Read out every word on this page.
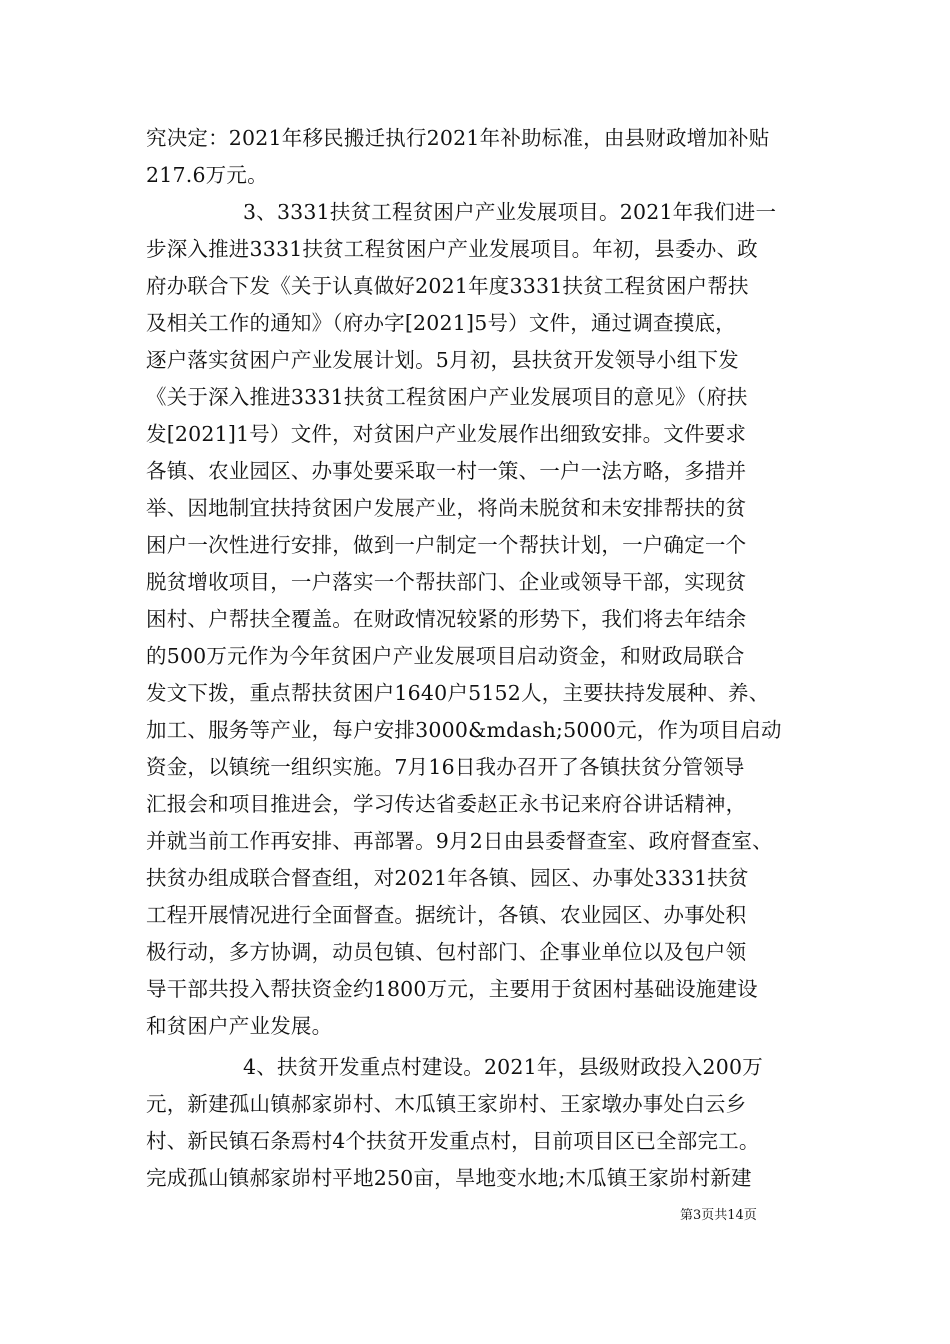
究决定：2021年移民搬迁执行2021年补助标准，由县财政增加补贴
217.6万元。
3、3331扶贫工程贫困户产业发展项目。2021年我们进一
步深入推进3331扶贫工程贫困户产业发展项目。年初，县委办、政
府办联合下发《关于认真做好2021年度3331扶贫工程贫困户帮扶
及相关工作的通知》（府办字[2021]5号）文件，通过调查摸底，
逐户落实贫困户产业发展计划。5月初，县扶贫开发领导小组下发
《关于深入推进3331扶贫工程贫困户产业发展项目的意见》（府扶
发[2021]1号）文件，对贫困户产业发展作出细致安排。文件要求
各镇、农业园区、办事处要采取一村一策、一户一法方略，多措并
举、因地制宜扶持贫困户发展产业，将尚未脱贫和未安排帮扶的贫
困户一次性进行安排，做到一户制定一个帮扶计划，一户确定一个
脱贫增收项目，一户落实一个帮扶部门、企业或领导干部，实现贫
困村、户帮扶全覆盖。在财政情况较紧的形势下，我们将去年结余
的500万元作为今年贫困户产业发展项目启动资金，和财政局联合
发文下拨，重点帮扶贫困户1640户5152人，主要扶持发展种、养、
加工、服务等产业，每户安排3000&mdash;5000元，作为项目启动
资金，以镇统一组织实施。7月16日我办召开了各镇扶贫分管领导
汇报会和项目推进会，学习传达省委赵正永书记来府谷讲话精神，
并就当前工作再安排、再部署。9月2日由县委督查室、政府督查室、
扶贫办组成联合督查组，对2021年各镇、园区、办事处3331扶贫
工程开展情况进行全面督查。据统计，各镇、农业园区、办事处积
极行动，多方协调，动员包镇、包村部门、企事业单位以及包户领
导干部共投入帮扶资金约1800万元，主要用于贫困村基础设施建设
和贫困户产业发展。
4、扶贫开发重点村建设。2021年，县级财政投入200万
元，新建孤山镇郝家峁村、木瓜镇王家峁村、王家墩办事处白云乡
村、新民镇石条焉村4个扶贫开发重点村，目前项目区已全部完工。
完成孤山镇郝家峁村平地250亩，旱地变水地;木瓜镇王家峁村新建
第3页共14页
